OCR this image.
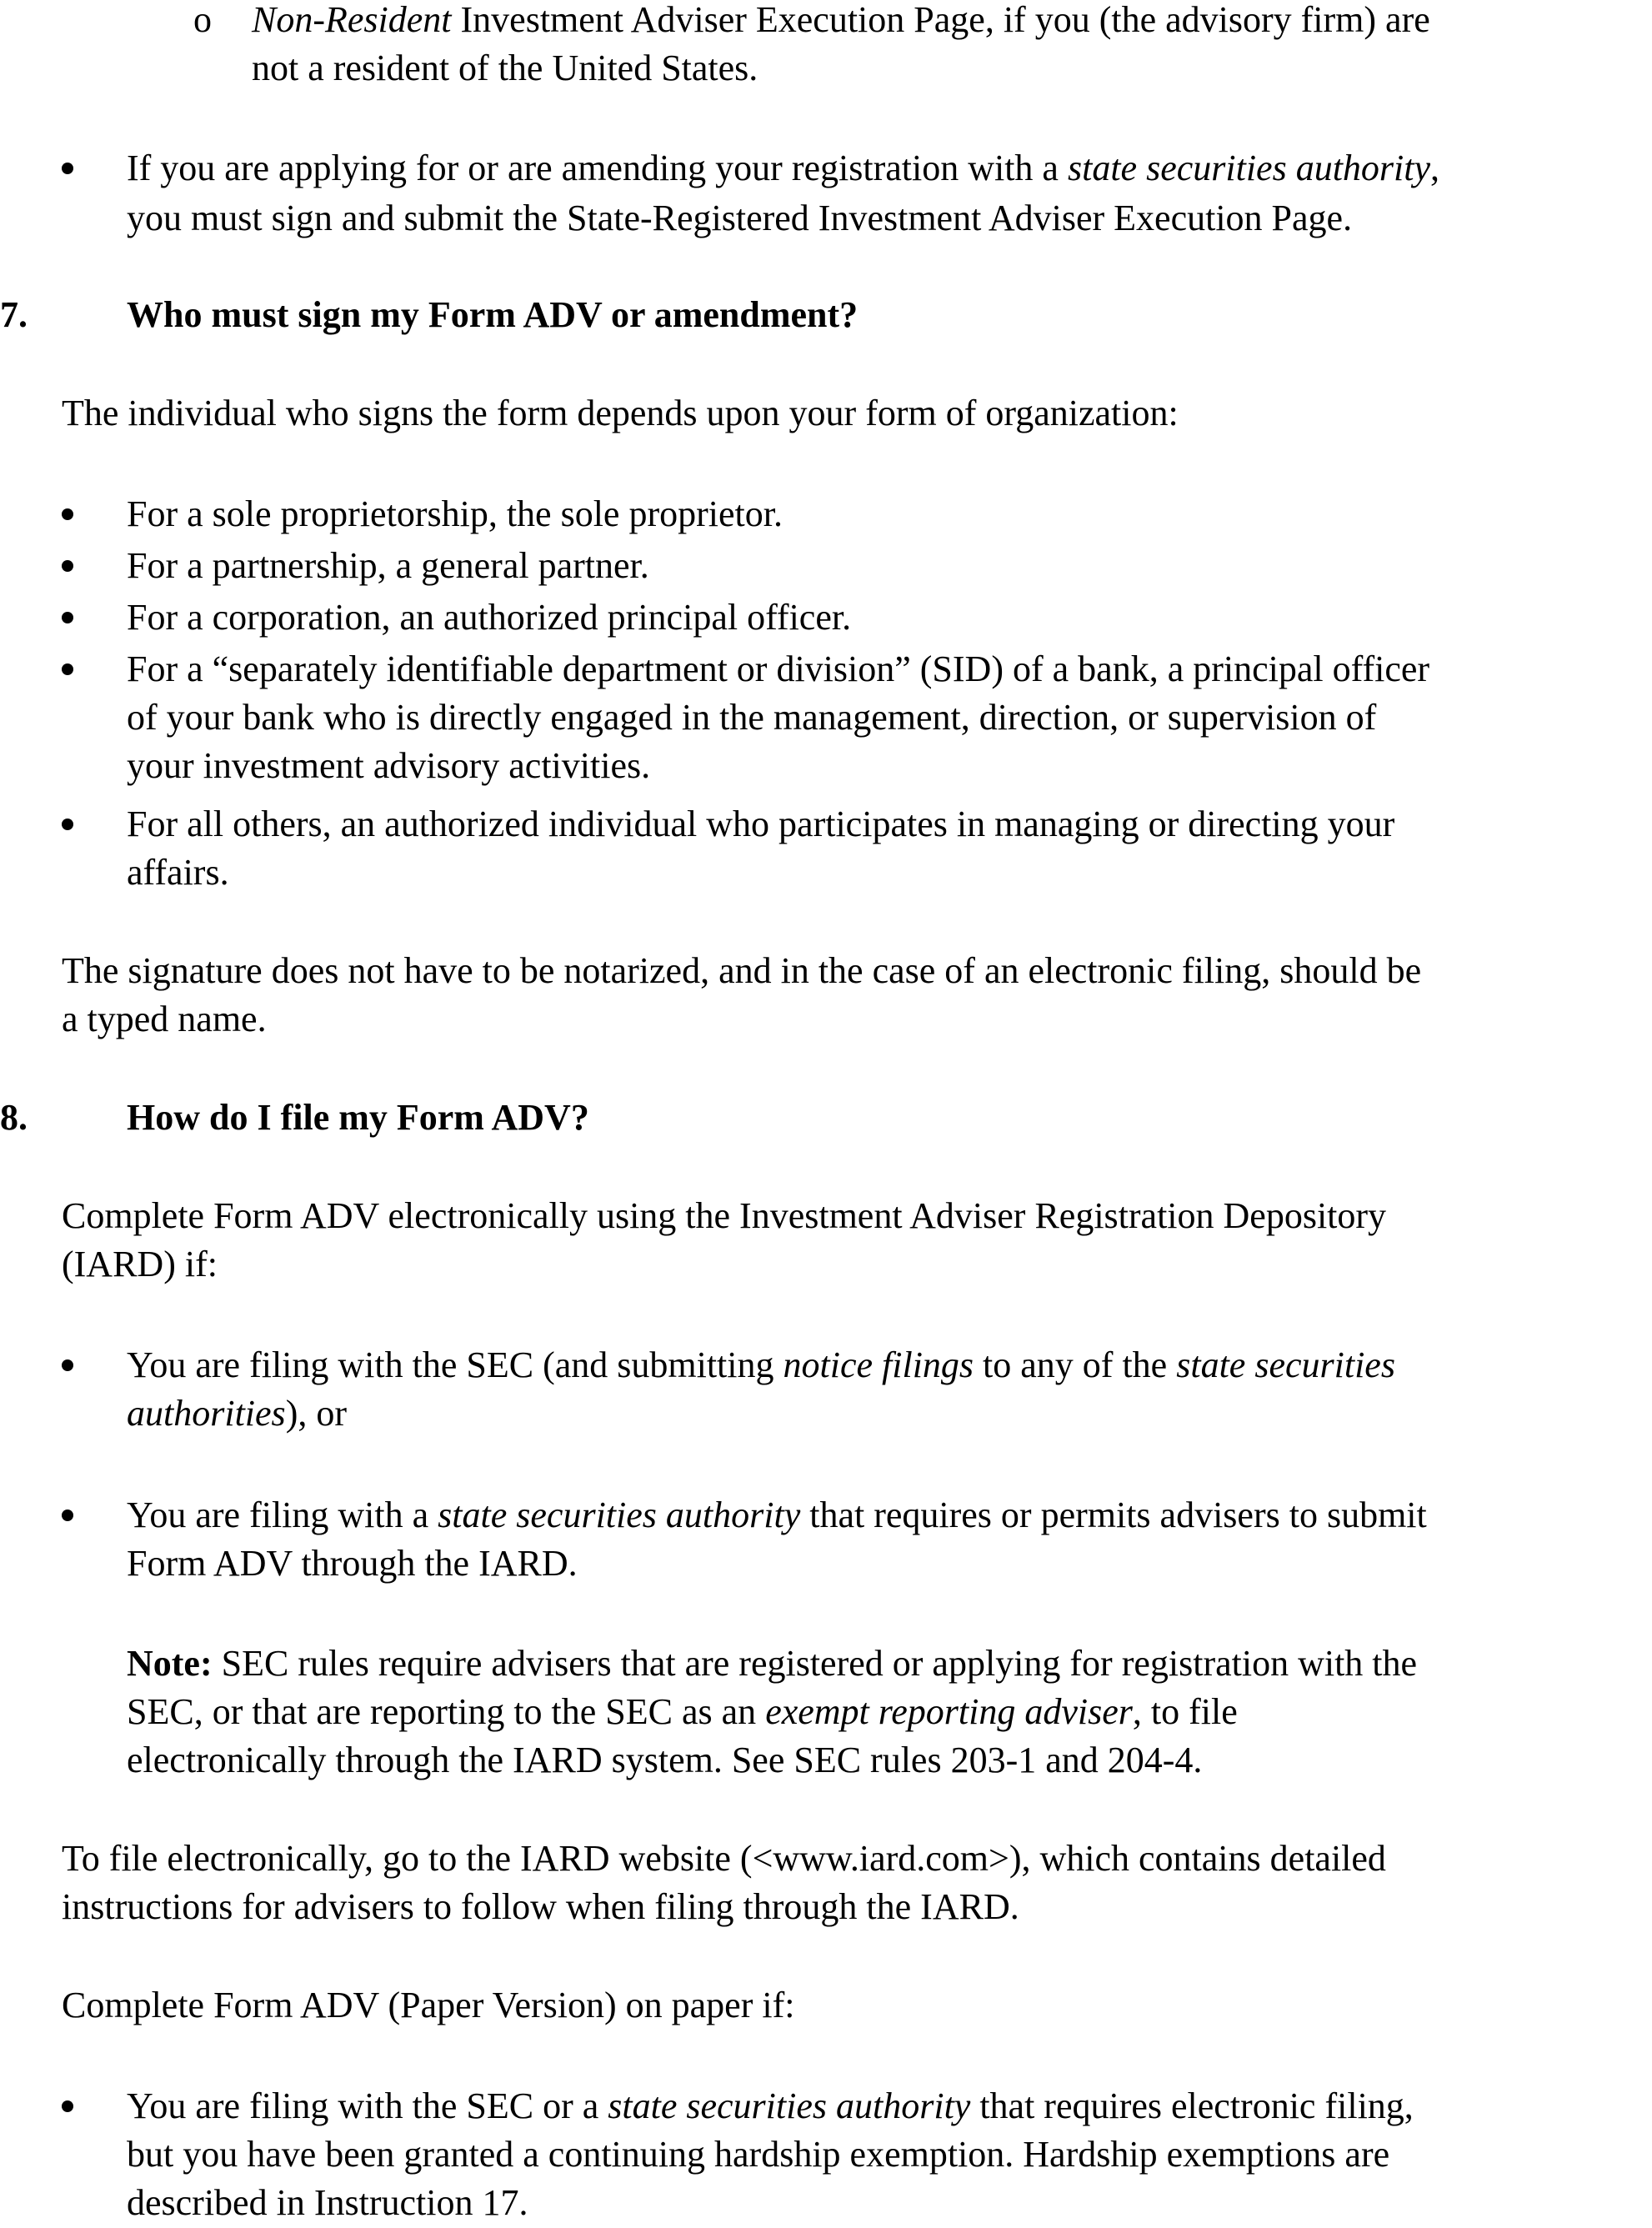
o Non-Resident Investment Adviser Execution Page, if you (the advisory firm) are
not a resident of the United States.
If you are applying for or are amending your registration with a state securities authority,
you must sign and submit the State-Registered Investment Adviser Execution Page.
7.	Who must sign my Form ADV or amendment?
The individual who signs the form depends upon your form of organization:
For a sole proprietorship, the sole proprietor.
For a partnership, a general partner.
For a corporation, an authorized principal officer.
For a “separately identifiable department or division” (SID) of a bank, a principal officer
of your bank who is directly engaged in the management, direction, or supervision of
your investment advisory activities.
For all others, an authorized individual who participates in managing or directing your
affairs.
The signature does not have to be notarized, and in the case of an electronic filing, should be
a typed name.
8.	How do I file my Form ADV?
Complete Form ADV electronically using the Investment Adviser Registration Depository
(IARD) if:
You are filing with the SEC (and submitting notice filings to any of the state securities
authorities), or
You are filing with a state securities authority that requires or permits advisers to submit
Form ADV through the IARD.
Note: SEC rules require advisers that are registered or applying for registration with the
SEC, or that are reporting to the SEC as an exempt reporting adviser, to file
electronically through the IARD system. See SEC rules 203-1 and 204-4.
To file electronically, go to the IARD website (<www.iard.com>), which contains detailed
instructions for advisers to follow when filing through the IARD.
Complete Form ADV (Paper Version) on paper if:
You are filing with the SEC or a state securities authority that requires electronic filing,
but you have been granted a continuing hardship exemption. Hardship exemptions are
described in Instruction 17.
